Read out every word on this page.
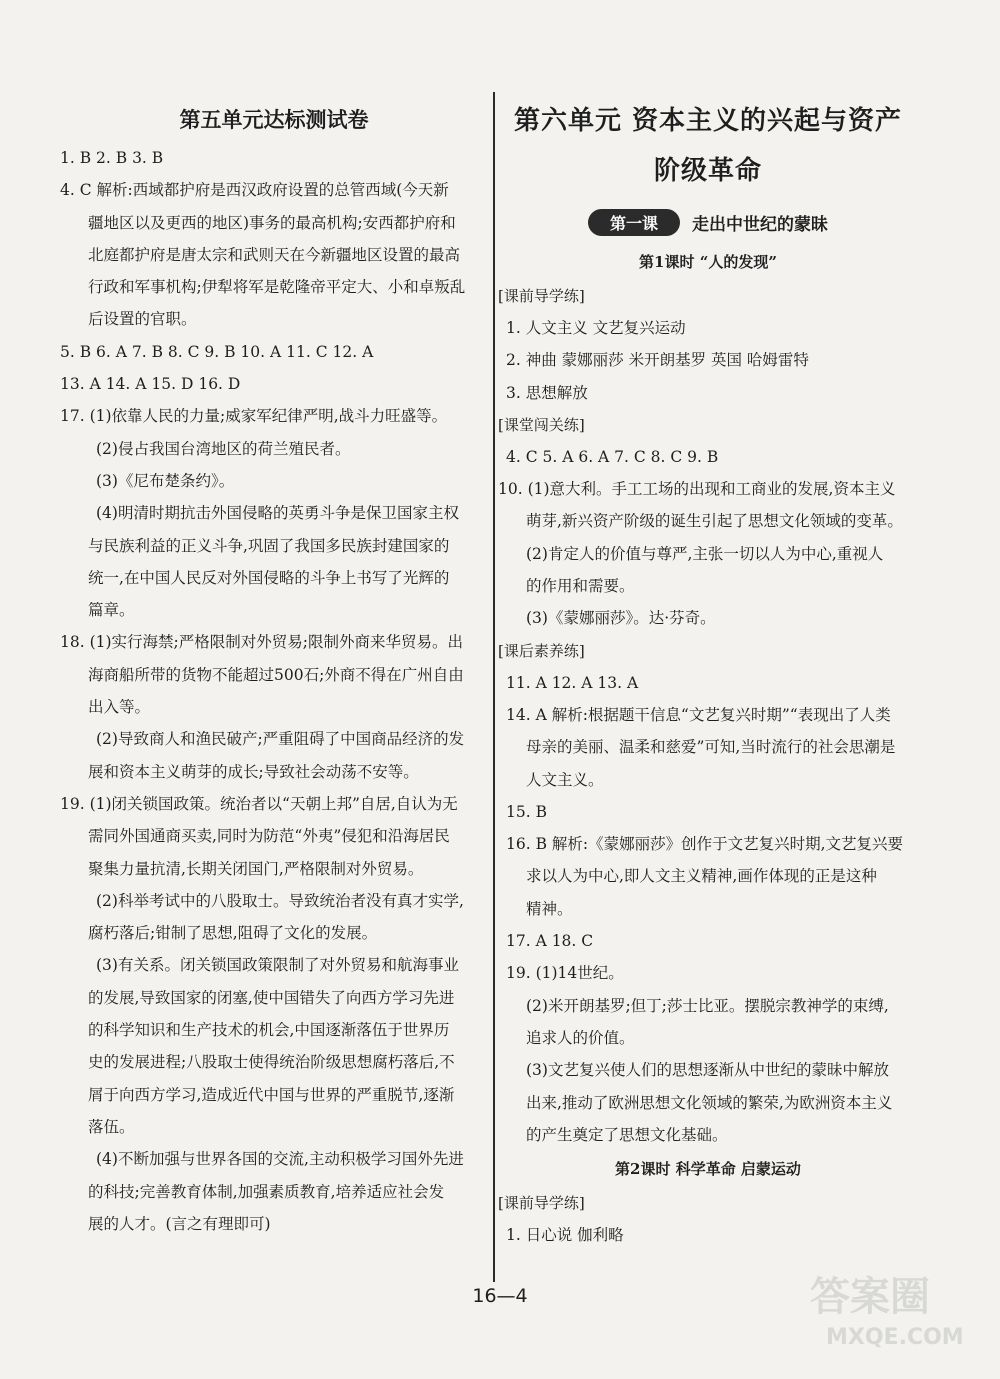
第五单元达标测试卷
1. B 2. B 3. B
4. C 解析:西域都护府是西汉政府设置的总管西域(今天新
疆地区以及更西的地区)事务的最高机构;安西都护府和
北庭都护府是唐太宗和武则天在今新疆地区设置的最高
行政和军事机构;伊犁将军是乾隆帝平定大、小和卓叛乱
后设置的官职。
5. B 6. A 7. B 8. C 9. B 10. A 11. C 12. A
13. A 14. A 15. D 16. D
17. (1)依靠人民的力量;威家军纪律严明,战斗力旺盛等。
(2)侵占我国台湾地区的荷兰殖民者。
(3)《尼布楚条约》。
(4)明清时期抗击外国侵略的英勇斗争是保卫国家主权
与民族利益的正义斗争,巩固了我国多民族封建国家的
统一,在中国人民反对外国侵略的斗争上书写了光辉的
篇章。
18. (1)实行海禁;严格限制对外贸易;限制外商来华贸易。出
海商船所带的货物不能超过500石;外商不得在广州自由
出入等。
(2)导致商人和渔民破产;严重阻碍了中国商品经济的发
展和资本主义萌芽的成长;导致社会动荡不安等。
19. (1)闭关锁国政策。统治者以“天朝上邦”自居,自认为无
需同外国通商买卖,同时为防范“外夷”侵犯和沿海居民
聚集力量抗清,长期关闭国门,严格限制对外贸易。
(2)科举考试中的八股取士。导致统治者没有真才实学,
腐朽落后;钳制了思想,阻碍了文化的发展。
(3)有关系。闭关锁国政策限制了对外贸易和航海事业
的发展,导致国家的闭塞,使中国错失了向西方学习先进
的科学知识和生产技术的机会,中国逐渐落伍于世界历
史的发展进程;八股取士使得统治阶级思想腐朽落后,不
屑于向西方学习,造成近代中国与世界的严重脱节,逐渐
落伍。
(4)不断加强与世界各国的交流,主动积极学习国外先进
的科技;完善教育体制,加强素质教育,培养适应社会发
展的人才。(言之有理即可)
第六单元 资本主义的兴起与资产
阶级革命
第一课	走出中世纪的蒙昧
第1课时 “人的发现”
[课前导学练]
1. 人文主义 文艺复兴运动
2. 神曲 蒙娜丽莎 米开朗基罗 英国 哈姆雷特
3. 思想解放
[课堂闯关练]
4. C 5. A 6. A 7. C 8. C 9. B
10. (1)意大利。手工工场的出现和工商业的发展,资本主义
萌芽,新兴资产阶级的诞生引起了思想文化领域的变革。
(2)肯定人的价值与尊严,主张一切以人为中心,重视人
的作用和需要。
(3)《蒙娜丽莎》。达·芬奇。
[课后素养练]
11. A 12. A 13. A
14. A 解析:根据题干信息“文艺复兴时期”“表现出了人类
母亲的美丽、温柔和慈爱”可知,当时流行的社会思潮是
人文主义。
15. B
16. B 解析:《蒙娜丽莎》创作于文艺复兴时期,文艺复兴要
求以人为中心,即人文主义精神,画作体现的正是这种
精神。
17. A 18. C
19. (1)14世纪。
(2)米开朗基罗;但丁;莎士比亚。摆脱宗教神学的束缚,
追求人的价值。
(3)文艺复兴使人们的思想逐渐从中世纪的蒙昧中解放
出来,推动了欧洲思想文化领域的繁荣,为欧洲资本主义
的产生奠定了思想文化基础。
第2课时 科学革命 启蒙运动
[课前导学练]
1. 日心说 伽利略
16—4	答案圈
MXQE.COM
